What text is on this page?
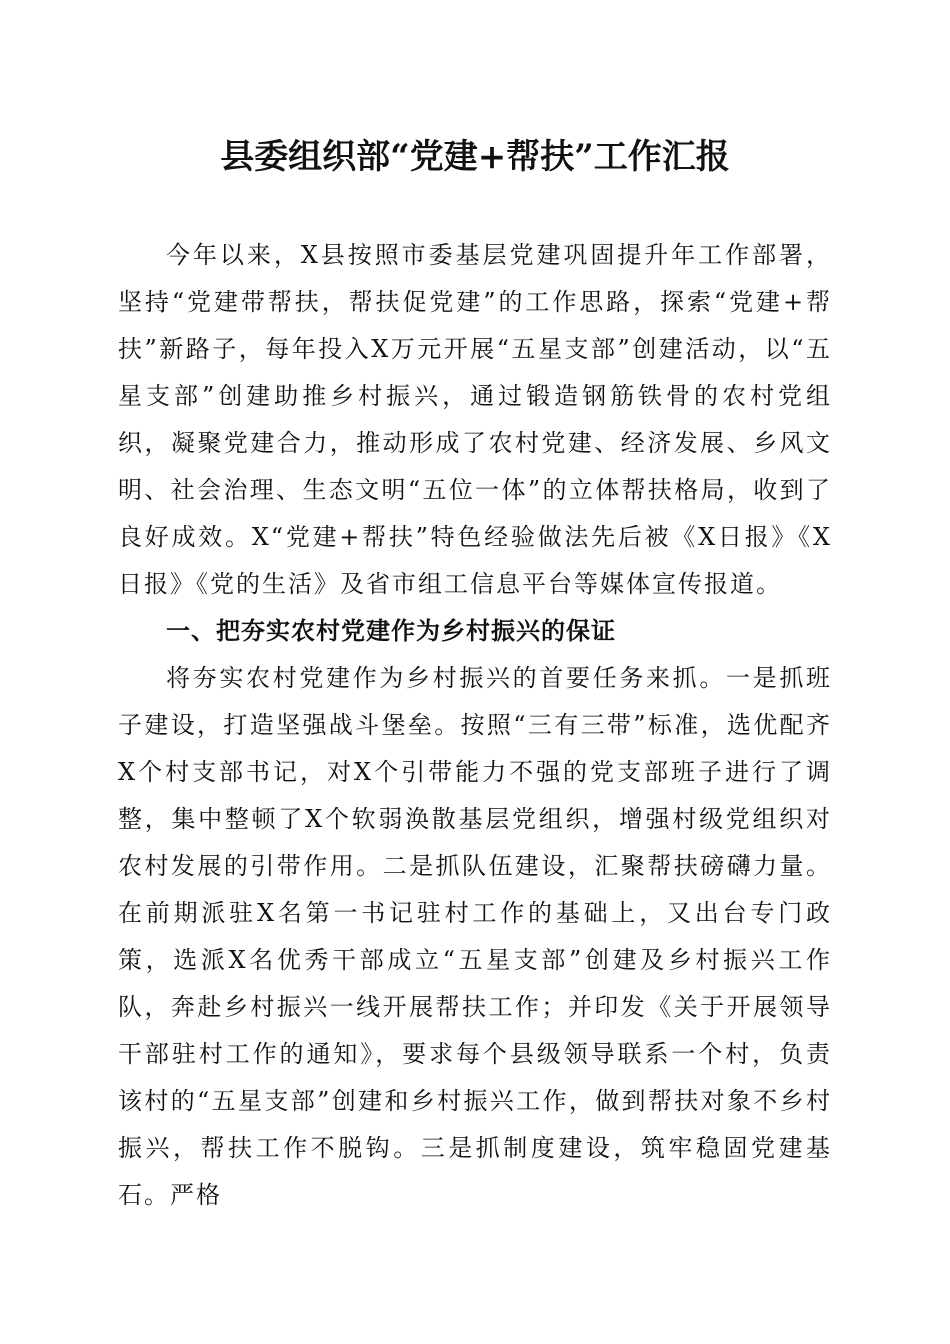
县委组织部“党建+帮扶”工作汇报

今年以来，X县按照市委基层党建巩固提升年工作部署，坚持“党建带帮扶，帮扶促党建”的工作思路，探索“党建+帮扶”新路子，每年投入X万元开展“五星支部”创建活动，以“五星支部”创建助推乡村振兴，通过锻造钢筋铁骨的农村党组织，凝聚党建合力，推动形成了农村党建、经济发展、乡风文明、社会治理、生态文明“五位一体”的立体帮扶格局，收到了良好成效。X“党建+帮扶”特色经验做法先后被《X日报》《X日报》《党的生活》及省市组工信息平台等媒体宣传报道。

一、把夯实农村党建作为乡村振兴的保证

将夯实农村党建作为乡村振兴的首要任务来抓。一是抓班子建设，打造坚强战斗堡垒。按照“三有三带”标准，选优配齐X个村支部书记，对X个引带能力不强的党支部班子进行了调整，集中整顿了X个软弱涣散基层党组织，增强村级党组织对农村发展的引带作用。二是抓队伍建设，汇聚帮扶磅礴力量。在前期派驻X名第一书记驻村工作的基础上，又出台专门政策，选派X名优秀干部成立“五星支部”创建及乡村振兴工作队，奔赴乡村振兴一线开展帮扶工作；并印发《关于开展领导干部驻村工作的通知》，要求每个县级领导联系一个村，负责该村的“五星支部”创建和乡村振兴工作，做到帮扶对象不乡村振兴，帮扶工作不脱钩。三是抓制度建设，筑牢稳固党建基石。严格
